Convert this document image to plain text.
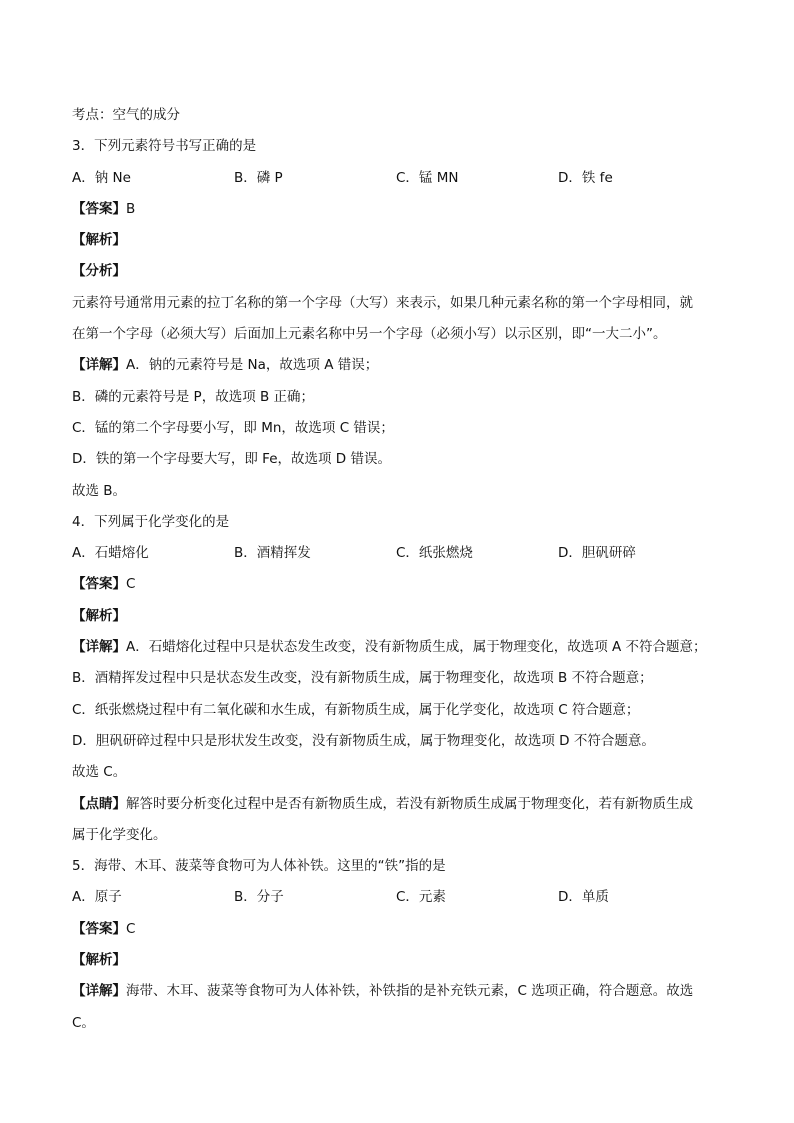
考点：空气的成分
3．下列元素符号书写正确的是
A．钠 Ne	B．磷 P	C．锰 MN	D．铁 fe
【答案】B
【解析】
【分析】
元素符号通常用元素的拉丁名称的第一个字母（大写）来表示，如果几种元素名称的第一个字母相同，就
在第一个字母（必须大写）后面加上元素名称中另一个字母（必须小写）以示区别，即“一大二小”。
【详解】A．钠的元素符号是 Na，故选项 A 错误；
B．磷的元素符号是 P，故选项 B 正确；
C．锰的第二个字母要小写，即 Mn，故选项 C 错误；
D．铁的第一个字母要大写，即 Fe，故选项 D 错误。
故选 B。
4．下列属于化学变化的是
A．石蜡熔化	B．酒精挥发	C．纸张燃烧	D．胆矾研碎
【答案】C
【解析】
【详解】A．石蜡熔化过程中只是状态发生改变，没有新物质生成，属于物理变化，故选项 A 不符合题意；
B．酒精挥发过程中只是状态发生改变，没有新物质生成，属于物理变化，故选项 B 不符合题意；
C．纸张燃烧过程中有二氧化碳和水生成，有新物质生成，属于化学变化，故选项 C 符合题意；
D．胆矾研碎过程中只是形状发生改变，没有新物质生成，属于物理变化，故选项 D 不符合题意。
故选 C。
【点睛】解答时要分析变化过程中是否有新物质生成，若没有新物质生成属于物理变化，若有新物质生成
属于化学变化。
5．海带、木耳、菠菜等食物可为人体补铁。这里的“铁”指的是
A．原子	B．分子	C．元素	D．单质
【答案】C
【解析】
【详解】海带、木耳、菠菜等食物可为人体补铁，补铁指的是补充铁元素，C 选项正确，符合题意。故选
C。
